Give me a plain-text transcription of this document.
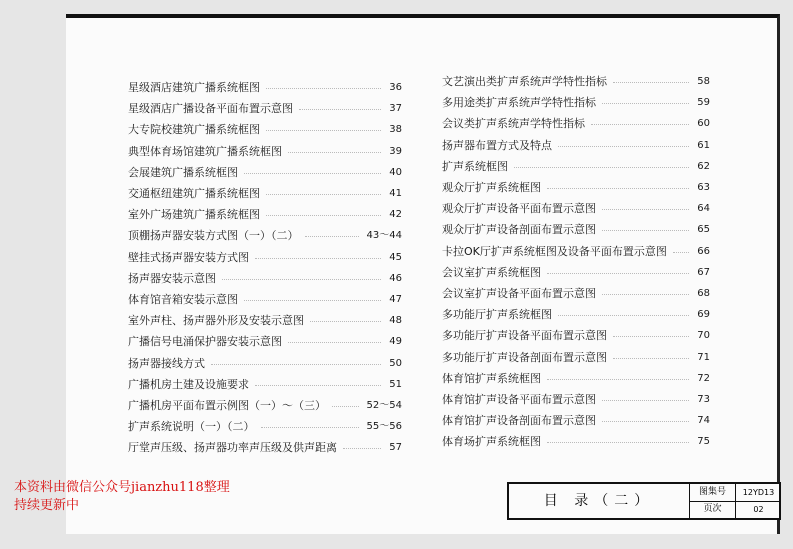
星级酒店建筑广播系统框图	36
星级酒店广播设备平面布置示意图	37
大专院校建筑广播系统框图	38
典型体育场馆建筑广播系统框图	39
会展建筑广播系统框图	40
交通枢纽建筑广播系统框图	41
室外广场建筑广播系统框图	42
顶棚扬声器安装方式图（一）（二）	43～44
壁挂式扬声器安装方式图	45
扬声器安装示意图	46
体育馆音箱安装示意图	47
室外声柱、扬声器外形及安装示意图	48
广播信号电涌保护器安装示意图	49
扬声器接线方式	50
广播机房土建及设施要求	51
广播机房平面布置示例图（一）～（三）	52～54
扩声系统说明（一）（二）	55～56
厅堂声压级、扬声器功率声压级及供声距离	57
文艺演出类扩声系统声学特性指标	58
多用途类扩声系统声学特性指标	59
会议类扩声系统声学特性指标	60
扬声器布置方式及特点	61
扩声系统框图	62
观众厅扩声系统框图	63
观众厅扩声设备平面布置示意图	64
观众厅扩声设备剖面布置示意图	65
卡拉OK厅扩声系统框图及设备平面布置示意图	66
会议室扩声系统框图	67
会议室扩声设备平面布置示意图	68
多功能厅扩声系统框图	69
多功能厅扩声设备平面布置示意图	70
多功能厅扩声设备剖面布置示意图	71
体育馆扩声系统框图	72
体育馆扩声设备平面布置示意图	73
体育馆扩声设备剖面布置示意图	74
体育场扩声系统框图	75
目 录（二）
图集号	12YD13
页次	02
本资料由微信公众号jianzhu118整理
持续更新中
